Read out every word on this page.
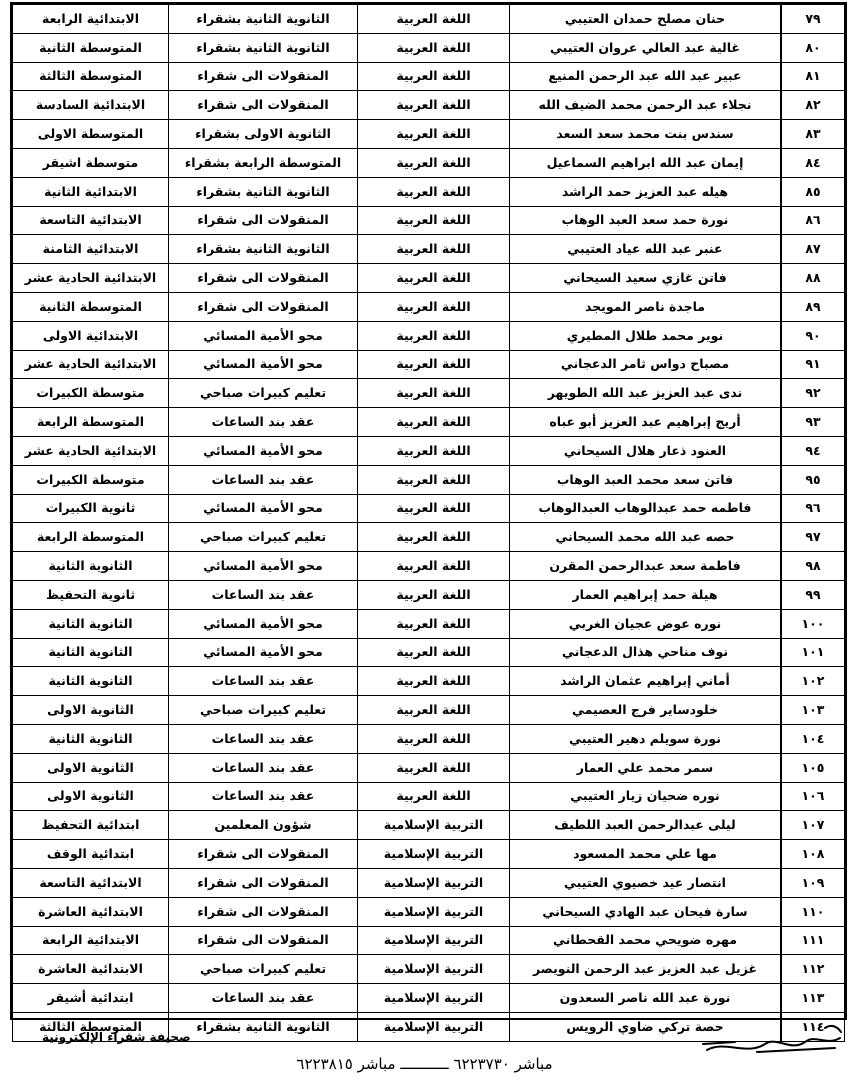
٧٩	حنان مصلح حمدان العتيبي	اللغة العربية	الثانوية الثانية بشقراء	الابتدائية الرابعة
٨٠	غالية عبد العالي عروان العتيبي	اللغة العربية	الثانوية الثانية بشقراء	المتوسطة الثانية
٨١	عبير عبد الله عبد الرحمن المنيع	اللغة العربية	المنقولات الى شقراء	المتوسطة الثالثة
٨٢	نجلاء عبد الرحمن محمد الضيف الله	اللغة العربية	المنقولات الى شقراء	الابتدائية السادسة
٨٣	سندس بنت محمد سعد السعد	اللغة العربية	الثانوية الاولى بشقراء	المتوسطة الاولى
٨٤	إيمان عبد الله ابراهيم السماعيل	اللغة العربية	المتوسطة الرابعة بشقراء	متوسطة اشيقر
٨٥	هيله عبد العزيز حمد الراشد	اللغة العربية	الثانوية الثانية بشقراء	الابتدائية الثانية
٨٦	نورة حمد سعد العبد الوهاب	اللغة العربية	المنقولات الى شقراء	الابتدائية التاسعة
٨٧	عنبر عبد الله عياد العتيبي	اللغة العربية	الثانوية الثانية بشقراء	الابتدائية الثامنة
٨٨	فاتن غازي سعيد السيحاني	اللغة العربية	المنقولات الى شقراء	الابتدائية الحادية عشر
٨٩	ماجدة ناصر المويجد	اللغة العربية	المنقولات الى شقراء	المتوسطة الثانية
٩٠	نوير محمد طلال المطيري	اللغة العربية	محو الأمية المسائي	الابتدائية الاولى
٩١	مصباح دواس ثامر الدعجاني	اللغة العربية	محو الأمية المسائي	الابتدائية الحادية عشر
٩٢	ندى عبد العزيز عبد الله الطويهر	اللغة العربية	تعليم كبيرات صباحي	متوسطة الكبيرات
٩٣	أريج إبراهيم عبد العزيز أبو عباه	اللغة العربية	عقد بند الساعات	المتوسطة الرابعة
٩٤	العنود ذعار هلال السيحاني	اللغة العربية	محو الأمية المسائي	الابتدائية الحادية عشر
٩٥	فاتن سعد محمد العبد الوهاب	اللغة العربية	عقد بند الساعات	متوسطة الكبيرات
٩٦	فاطمه حمد عبدالوهاب العبدالوهاب	اللغة العربية	محو الأمية المسائي	ثانوية الكبيرات
٩٧	حصه عبد الله محمد السيحاني	اللغة العربية	تعليم كبيرات صباحي	المتوسطة الرابعة
٩٨	فاطمة سعد عبدالرحمن المقرن	اللغة العربية	محو الأمية المسائي	الثانوية الثانية
٩٩	هيلة حمد إبراهيم العمار	اللغة العربية	عقد بند الساعات	ثانوية التحفيظ
١٠٠	نوره عوض عجيان الغربي	اللغة العربية	محو الأمية المسائي	الثانوية الثانية
١٠١	نوف مناحي هذال الدعجاني	اللغة العربية	محو الأمية المسائي	الثانوية الثانية
١٠٢	أماني إبراهيم عثمان الراشد	اللغة العربية	عقد بند الساعات	الثانوية الثانية
١٠٣	خلودساير فرج العصيمي	اللغة العربية	تعليم كبيرات صباحي	الثانوية الاولى
١٠٤	نورة سويلم دهير العتيبي	اللغة العربية	عقد بند الساعات	الثانوية الثانية
١٠٥	سمر محمد علي العمار	اللغة العربية	عقد بند الساعات	الثانوية الاولى
١٠٦	نوره ضحيان زيار العتيبي	اللغة العربية	عقد بند الساعات	الثانوية الاولى
١٠٧	ليلى عبدالرحمن العبد اللطيف	التربية الإسلامية	شؤون المعلمين	ابتدائية التحفيظ
١٠٨	مها علي محمد المسعود	التربية الإسلامية	المنقولات الى شقراء	ابتدائية الوقف
١٠٩	انتصار عيد خصيوي العتيبي	التربية الإسلامية	المنقولات الى شقراء	الابتدائية التاسعة
١١٠	سارة فيحان عبد الهادي السيحاني	التربية الإسلامية	المنقولات الى شقراء	الابتدائية العاشرة
١١١	مهره ضويحي محمد القحطاني	التربية الإسلامية	المنقولات الى شقراء	الابتدائية الرابعة
١١٢	غزيل عبد العزيز عبد الرحمن النويصر	التربية الإسلامية	تعليم كبيرات صباحي	الابتدائية العاشرة
١١٣	نورة عبد الله ناصر السعدون	التربية الإسلامية	عقد بند الساعات	ابتدائية أشيقر
١١٤	حصة تركي ضاوي الرويس	التربية الإسلامية	الثانوية الثانية بشقراء	المتوسطة الثالثة
صحيفة شقراء الإلكترونية
مباشر ٦٢٢٣٧٣٠ ـــــــــــ مباشر ٦٢٢٣٨١٥
